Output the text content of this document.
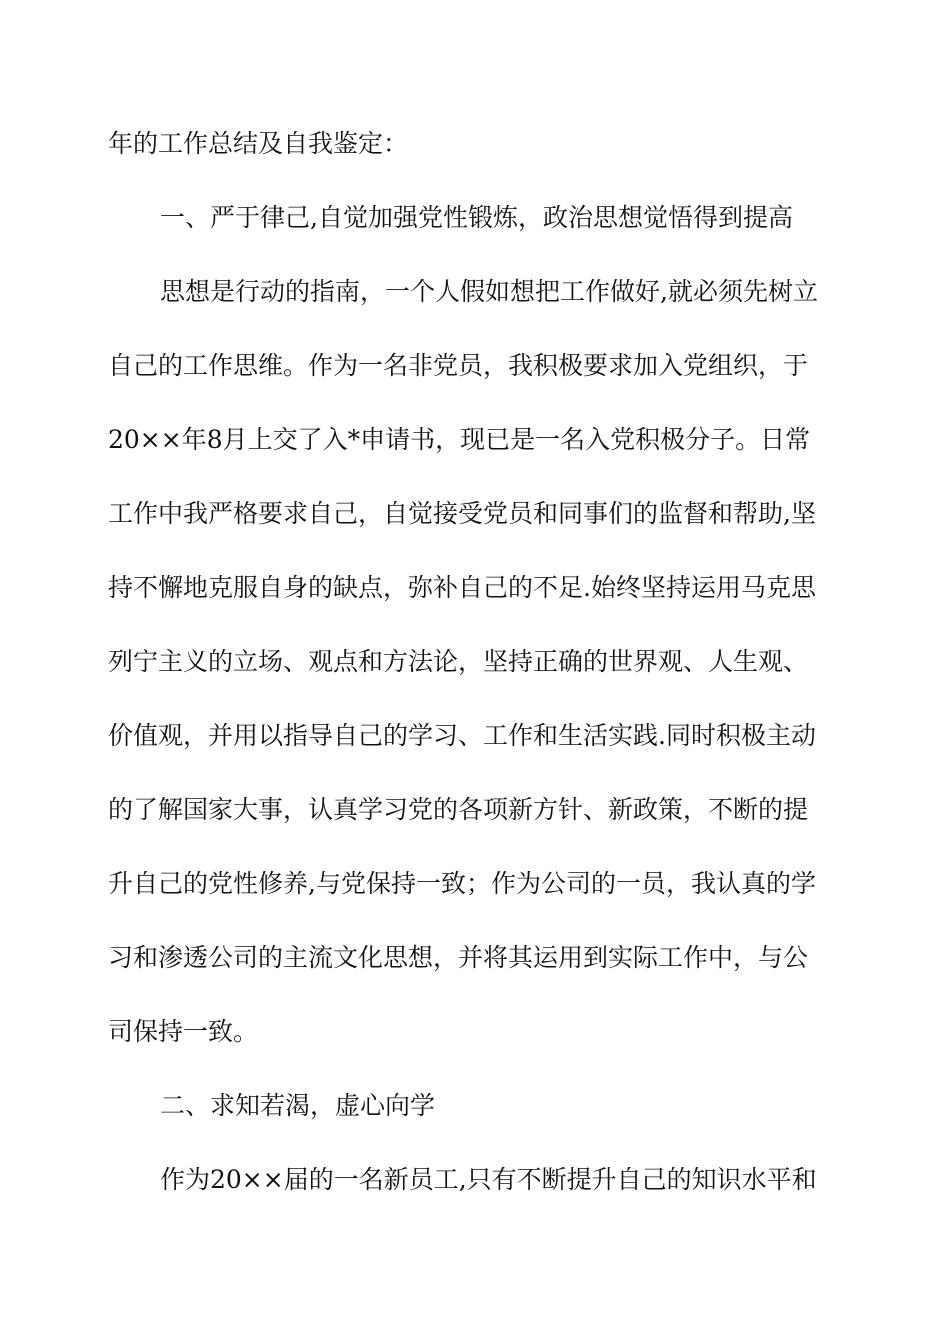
年的工作总结及自我鉴定：
一、严于律己,自觉加强党性锻炼，政治思想觉悟得到提高
思想是行动的指南，一个人假如想把工作做好,就必须先树立
自己的工作思维。作为一名非党员，我积极要求加入党组织，于
20××年8月上交了入*申请书，现已是一名入党积极分子。日常
工作中我严格要求自己，自觉接受党员和同事们的监督和帮助,坚
持不懈地克服自身的缺点，弥补自己的不足.始终坚持运用马克思
列宁主义的立场、观点和方法论，坚持正确的世界观、人生观、
价值观，并用以指导自己的学习、工作和生活实践.同时积极主动
的了解国家大事，认真学习党的各项新方针、新政策，不断的提
升自己的党性修养,与党保持一致；作为公司的一员，我认真的学
习和渗透公司的主流文化思想，并将其运用到实际工作中，与公
司保持一致。
二、求知若渴，虚心向学
作为20××届的一名新员工,只有不断提升自己的知识水平和
